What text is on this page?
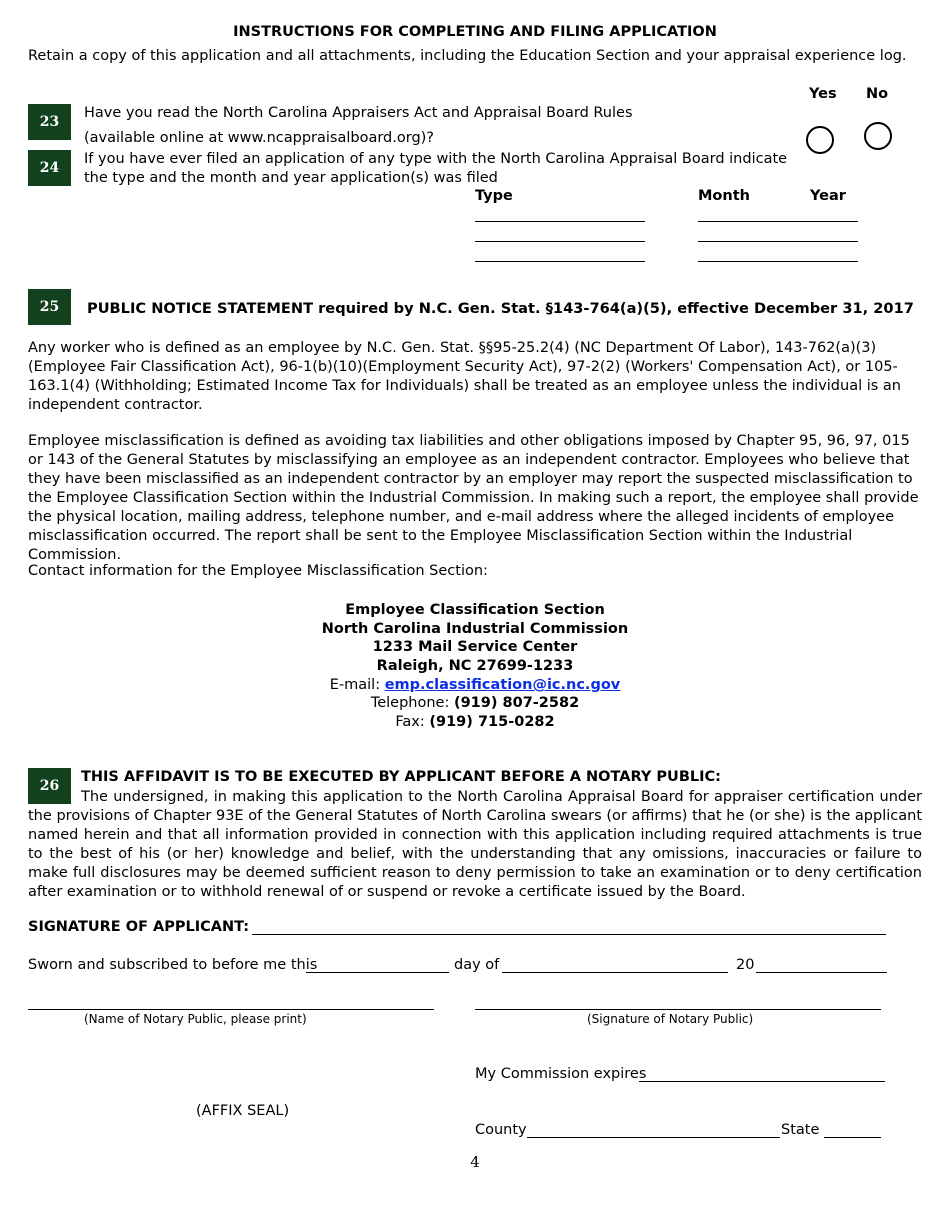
INSTRUCTIONS FOR COMPLETING AND FILING APPLICATION
Retain a copy of this application and all attachments, including the Education Section and your appraisal experience log.
23
Have you read the North Carolina Appraisers Act and Appraisal Board Rules
(available online at www.ncappraisalboard.org)?
Yes No
24
If you have ever filed an application of any type with the North Carolina Appraisal Board indicate
the type and the month and year application(s) was filed
Type	Month	Year
25	PUBLIC NOTICE STATEMENT required by N.C. Gen. Stat. §143-764(a)(5), effective December 31, 2017
Any worker who is defined as an employee by N.C. Gen. Stat. §§95-25.2(4) (NC Department Of Labor), 143-762(a)(3) (Employee Fair Classification Act), 96-1(b)(10)(Employment Security Act), 97-2(2) (Workers' Compensation Act), or 105-163.1(4) (Withholding; Estimated Income Tax for Individuals) shall be treated as an employee unless the individual is an independent contractor.
Employee misclassification is defined as avoiding tax liabilities and other obligations imposed by Chapter 95, 96, 97, 015 or 143 of the General Statutes by misclassifying an employee as an independent contractor. Employees who believe that they have been misclassified as an independent contractor by an employer may report the suspected misclassification to the Employee Classification Section within the Industrial Commission. In making such a report, the employee shall provide the physical location, mailing address, telephone number, and e-mail address where the alleged incidents of employee misclassification occurred. The report shall be sent to the Employee Misclassification Section within the Industrial Commission.
Contact information for the Employee Misclassification Section:
Employee Classification Section
North Carolina Industrial Commission
1233 Mail Service Center
Raleigh, NC 27699-1233
E-mail: emp.classification@ic.nc.gov
Telephone: (919) 807-2582
Fax: (919) 715-0282
26
THIS AFFIDAVIT IS TO BE EXECUTED BY APPLICANT BEFORE A NOTARY PUBLIC:
The undersigned, in making this application to the North Carolina Appraisal Board for appraiser certification under the provisions of Chapter 93E of the General Statutes of North Carolina swears (or affirms) that he (or she) is the applicant named herein and that all information provided in connection with this application including required attachments is true to the best of his (or her) knowledge and belief, with the understanding that any omissions, inaccuracies or failure to make full disclosures may be deemed sufficient reason to deny permission to take an examination or to deny certification after examination or to withhold renewal of or suspend or revoke a certificate issued by the Board.
SIGNATURE OF APPLICANT:
Sworn and subscribed to before me this	day of	20
(Name of Notary Public, please print)	(Signature of Notary Public)
My Commission expires
(AFFIX SEAL)
County	State
4
